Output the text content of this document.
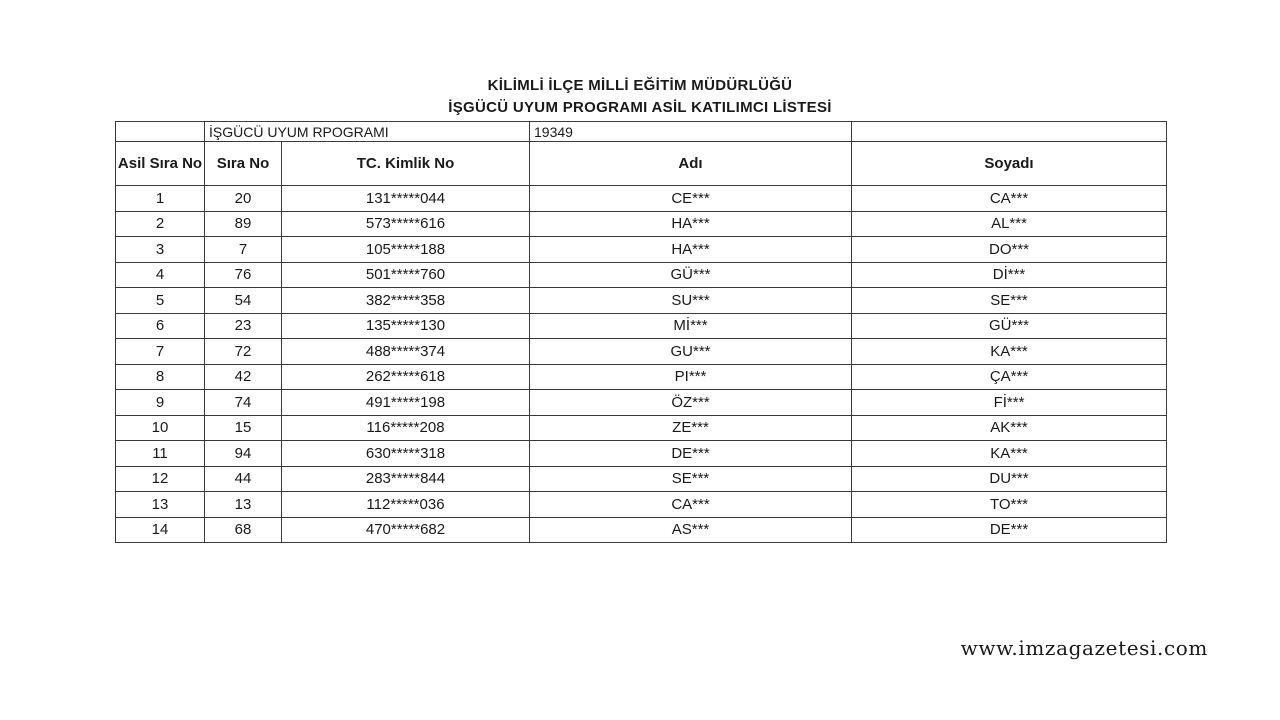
KİLİMLİ İLÇE MİLLİ EĞİTİM MÜDÜRLÜĞÜ
İŞGÜCÜ UYUM PROGRAMI ASİL KATILIMCI LİSTESİ
	İŞGÜCÜ UYUM RPOGRAMI		19349	
Asil Sıra No	Sıra No	TC. Kimlik No	Adı	Soyadı
1	20	131*****044	CE***	CA***
2	89	573*****616	HA***	AL***
3	7	105*****188	HA***	DO***
4	76	501*****760	GÜ***	Dİ***
5	54	382*****358	SU***	SE***
6	23	135*****130	Mİ***	GÜ***
7	72	488*****374	GU***	KA***
8	42	262*****618	PI***	ÇA***
9	74	491*****198	ÖZ***	Fİ***
10	15	116*****208	ZE***	AK***
11	94	630*****318	DE***	KA***
12	44	283*****844	SE***	DU***
13	13	112*****036	CA***	TO***
14	68	470*****682	AS***	DE***
www.imzagazetesi.com
